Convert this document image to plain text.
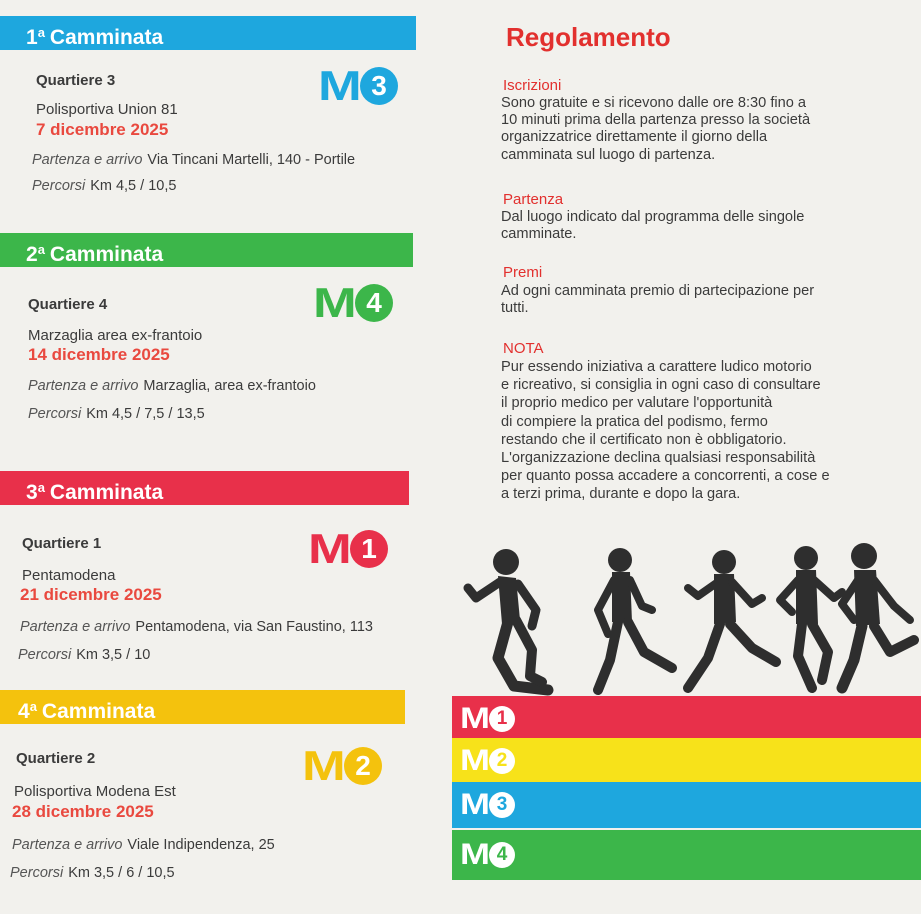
1$^a$ Camminata
Quartiere 3	M 3
Polisportiva Union 81
7 dicembre 2025
Partenza e arrivo Via Tincani Martelli, 140 - Portile
Percorsi Km 4,5 / 10,5
2$^a$ Camminata
Quartiere 4	M 4
Marzaglia area ex-frantoio
14 dicembre 2025
Partenza e arrivo Marzaglia, area ex-frantoio
Percorsi Km 4,5 / 7,5 / 13,5
3$^a$ Camminata
Quartiere 1	M 1
Pentamodena
21 dicembre 2025
Partenza e arrivo Pentamodena, via San Faustino, 113
Percorsi Km 3,5 / 10
4$^a$ Camminata
Quartiere 2	M 2
Polisportiva Modena Est
28 dicembre 2025
Partenza e arrivo Viale Indipendenza, 25
Percorsi Km 3,5 / 6 / 10,5
Regolamento
Iscrizioni
Sono gratuite e si ricevono dalle ore 8:30 fino a
10 minuti prima della partenza presso la società
organizzatrice direttamente il giorno della
camminata sul luogo di partenza.
Partenza
Dal luogo indicato dal programma delle singole
camminate.
Premi
Ad ogni camminata premio di partecipazione per
tutti.
NOTA
Pur essendo iniziativa a carattere ludico motorio
e ricreativo, si consiglia in ogni caso di consultare
il proprio medico per valutare l'opportunità
di compiere la pratica del podismo, fermo
restando che il certificato non è obbligatorio.
L'organizzazione declina qualsiasi responsabilità
per quanto possa accadere a concorrenti, a cose e
a terzi prima, durante e dopo la gara.
M 1
M 2
M 3
M 4
